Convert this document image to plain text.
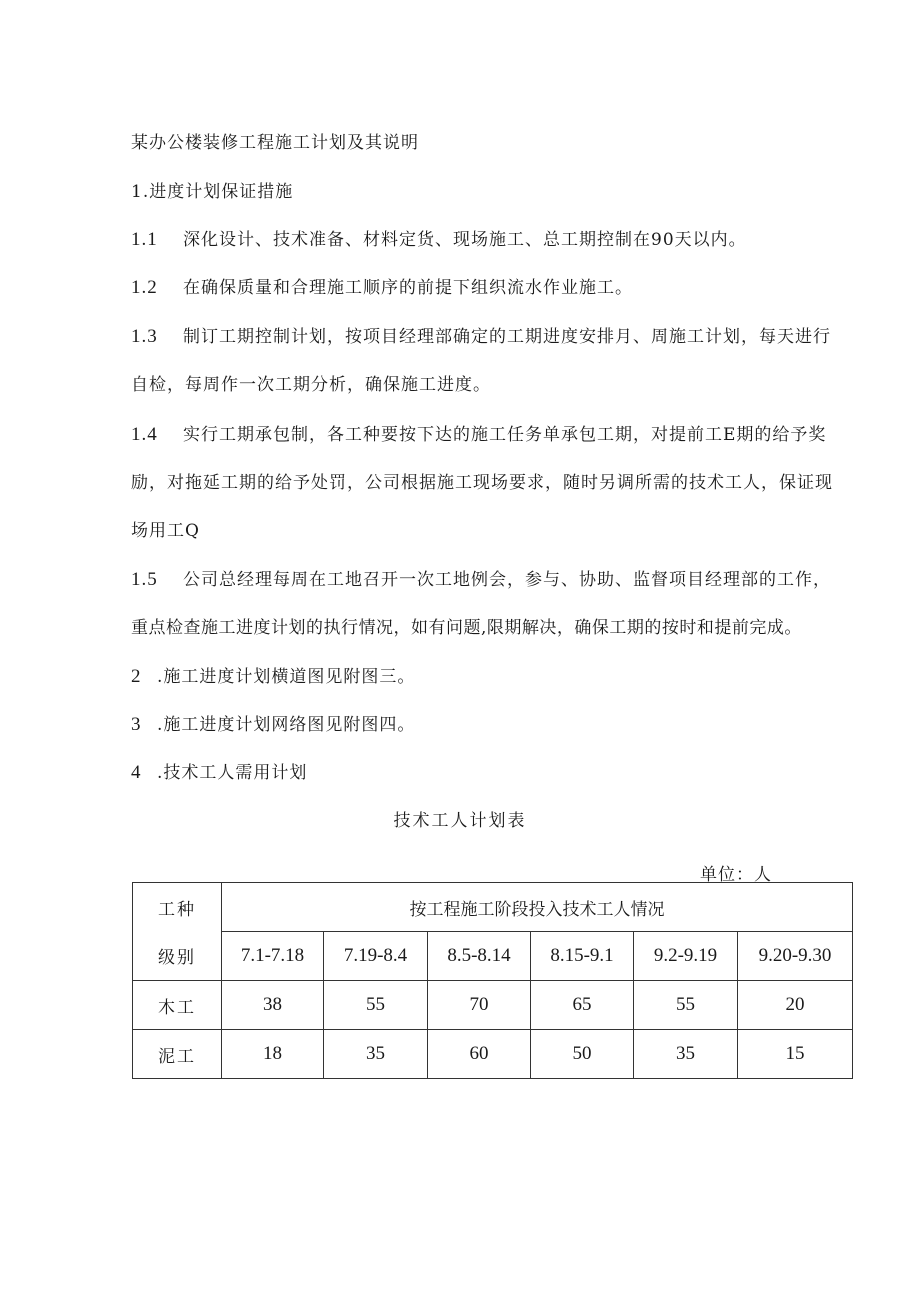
某办公楼装修工程施工计划及其说明
1.进度计划保证措施
1.1 深化设计、技术准备、材料定货、现场施工、总工期控制在90天以内。
1.2 在确保质量和合理施工顺序的前提下组织流水作业施工。
1.3 制订工期控制计划，按项目经理部确定的工期进度安排月、周施工计划，每天进行
自检，每周作一次工期分析，确保施工进度。
1.4 实行工期承包制，各工种要按下达的施工任务单承包工期，对提前工E期的给予奖
励，对拖延工期的给予处罚，公司根据施工现场要求，随时另调所需的技术工人，保证现
场用工Q
1.5 公司总经理每周在工地召开一次工地例会，参与、协助、监督项目经理部的工作，
重点检查施工进度计划的执行情况，如有问题,限期解决，确保工期的按时和提前完成。
2 .施工进度计划横道图见附图三。
3 .施工进度计划网络图见附图四。
4 .技术工人需用计划
技术工人计划表
单位：人
工种	按工程施工阶段投入技术工人情况					
级别	7.1-7.18	7.19-8.4	8.5-8.14	8.15-9.1	9.2-9.19	9.20-9.30
木工	38	55	70	65	55	20
泥工	18	35	60	50	35	15
